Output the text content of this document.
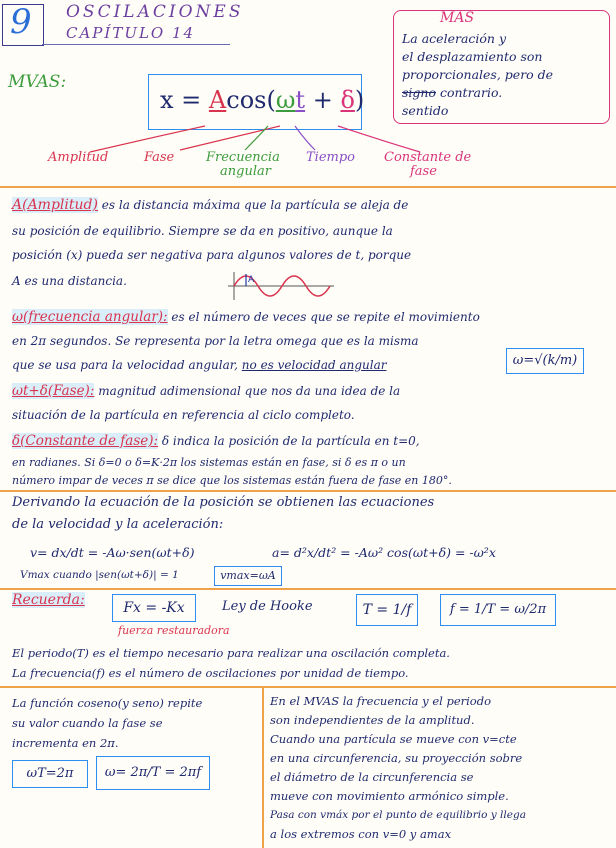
9 OSCILACIONES
CAPÍTULO 14
MAS
La aceleración y
el desplazamiento son
proporcionales, pero de
signo contrario.
sentido
MVAS:
x = Acos(ωt + δ)
Amplitud	Fase Frecuencia
angular
Tiempo Constante de
fase
A(Amplitud) es la distancia máxima que la partícula se aleja de
su posición de equilibrio. Siempre se da en positivo, aunque la
posición (x) pueda ser negativa para algunos valores de t, porque
A es una distancia.	A
ω(frecuencia angular): es el número de veces que se repite el movimiento
en 2π segundos. Se representa por la letra omega que es la misma
que se usa para la velocidad angular, no es velocidad angular	ω=√(k/m)
ωt+δ(Fase): magnitud adimensional que nos da una idea de la
situación de la partícula en referencia al ciclo completo.
δ(Constante de fase): δ indica la posición de la partícula en t=0,
en radianes. Si δ=0 o δ=K·2π los sistemas están en fase, si δ es π o un
número impar de veces π se dice que los sistemas están fuera de fase en 180°.
Derivando la ecuación de la posición se obtienen las ecuaciones
de la velocidad y la aceleración:
v= dx/dt = -Aω·sen(ωt+δ)	a= d²x/dt² = -Aω² cos(ωt+δ) = -ω²x
Vmax cuando |sen(ωt+δ)| = 1	vmax=ωA
Recuerda:	Fx = -Kx	Ley de Hooke
fuerza restauradora
T = 1/f	f = 1/T = ω/2π
El periodo(T) es el tiempo necesario para realizar una oscilación completa.
La frecuencia(f) es el número de oscilaciones por unidad de tiempo.
La función coseno(y seno) repite
su valor cuando la fase se
incrementa en 2π.
ωT=2π	ω= 2π/T = 2πf
En el MVAS la frecuencia y el periodo
son independientes de la amplitud.
Cuando una partícula se mueve con v=cte
en una circunferencia, su proyección sobre
el diámetro de la circunferencia se
mueve con movimiento armónico simple.
Pasa con vmáx por el punto de equilibrio y llega
a los extremos con v=0 y amax
